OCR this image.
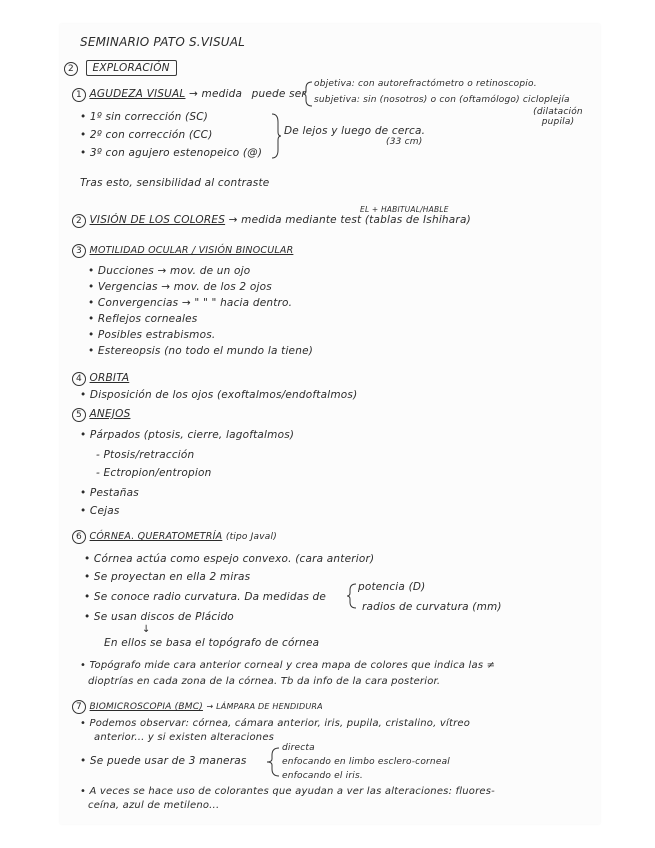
SEMINARIO PATO S.VISUAL
2 EXPLORACIÓN
1 AGUDEZA VISUAL → medida puede ser
objetiva: con autorefractómetro o retinoscopio.
subjetiva: sin (nosotros) o con (oftamólogo) cicloplejía
(dilatación pupila)
• 1º sin corrección (SC)
• 2º con corrección (CC)
• 3º con agujero estenopeico (@)
De lejos y luego de cerca.
(33 cm)
Tras esto, sensibilidad al contraste
EL + HABITUAL/HABLE
2 VISIÓN DE LOS COLORES → medida mediante test (tablas de Ishihara)
3 MOTILIDAD OCULAR / VISIÓN BINOCULAR
• Ducciones → mov. de un ojo
• Vergencias → mov. de los 2 ojos
• Convergencias → " " " hacia dentro.
• Reflejos corneales
• Posibles estrabismos.
• Estereopsis (no todo el mundo la tiene)
4 ORBITA
• Disposición de los ojos (exoftalmos/endoftalmos)
5 ANEJOS
• Párpados (ptosis, cierre, lagoftalmos)
- Ptosis/retracción
- Ectropion/entropion
• Pestañas
• Cejas
6 CÓRNEA. QUERATOMETRÍA (tipo Javal)
• Córnea actúa como espejo convexo. (cara anterior)
• Se proyectan en ella 2 miras
• Se conoce radio curvatura. Da medidas de
potencia (D)
radios de curvatura (mm)
• Se usan discos de Plácido
↓
En ellos se basa el topógrafo de córnea
• Topógrafo mide cara anterior corneal y crea mapa de colores que indica las ≠
dioptrías en cada zona de la córnea. Tb da info de la cara posterior.
7 BIOMICROSCOPIA (BMC) → LÁMPARA DE HENDIDURA
• Podemos observar: córnea, cámara anterior, iris, pupila, cristalino, vítreo
anterior... y si existen alteraciones
• Se puede usar de 3 maneras
directa
enfocando en limbo esclero-corneal
enfocando el iris.
• A veces se hace uso de colorantes que ayudan a ver las alteraciones: fluores-
ceína, azul de metileno...
